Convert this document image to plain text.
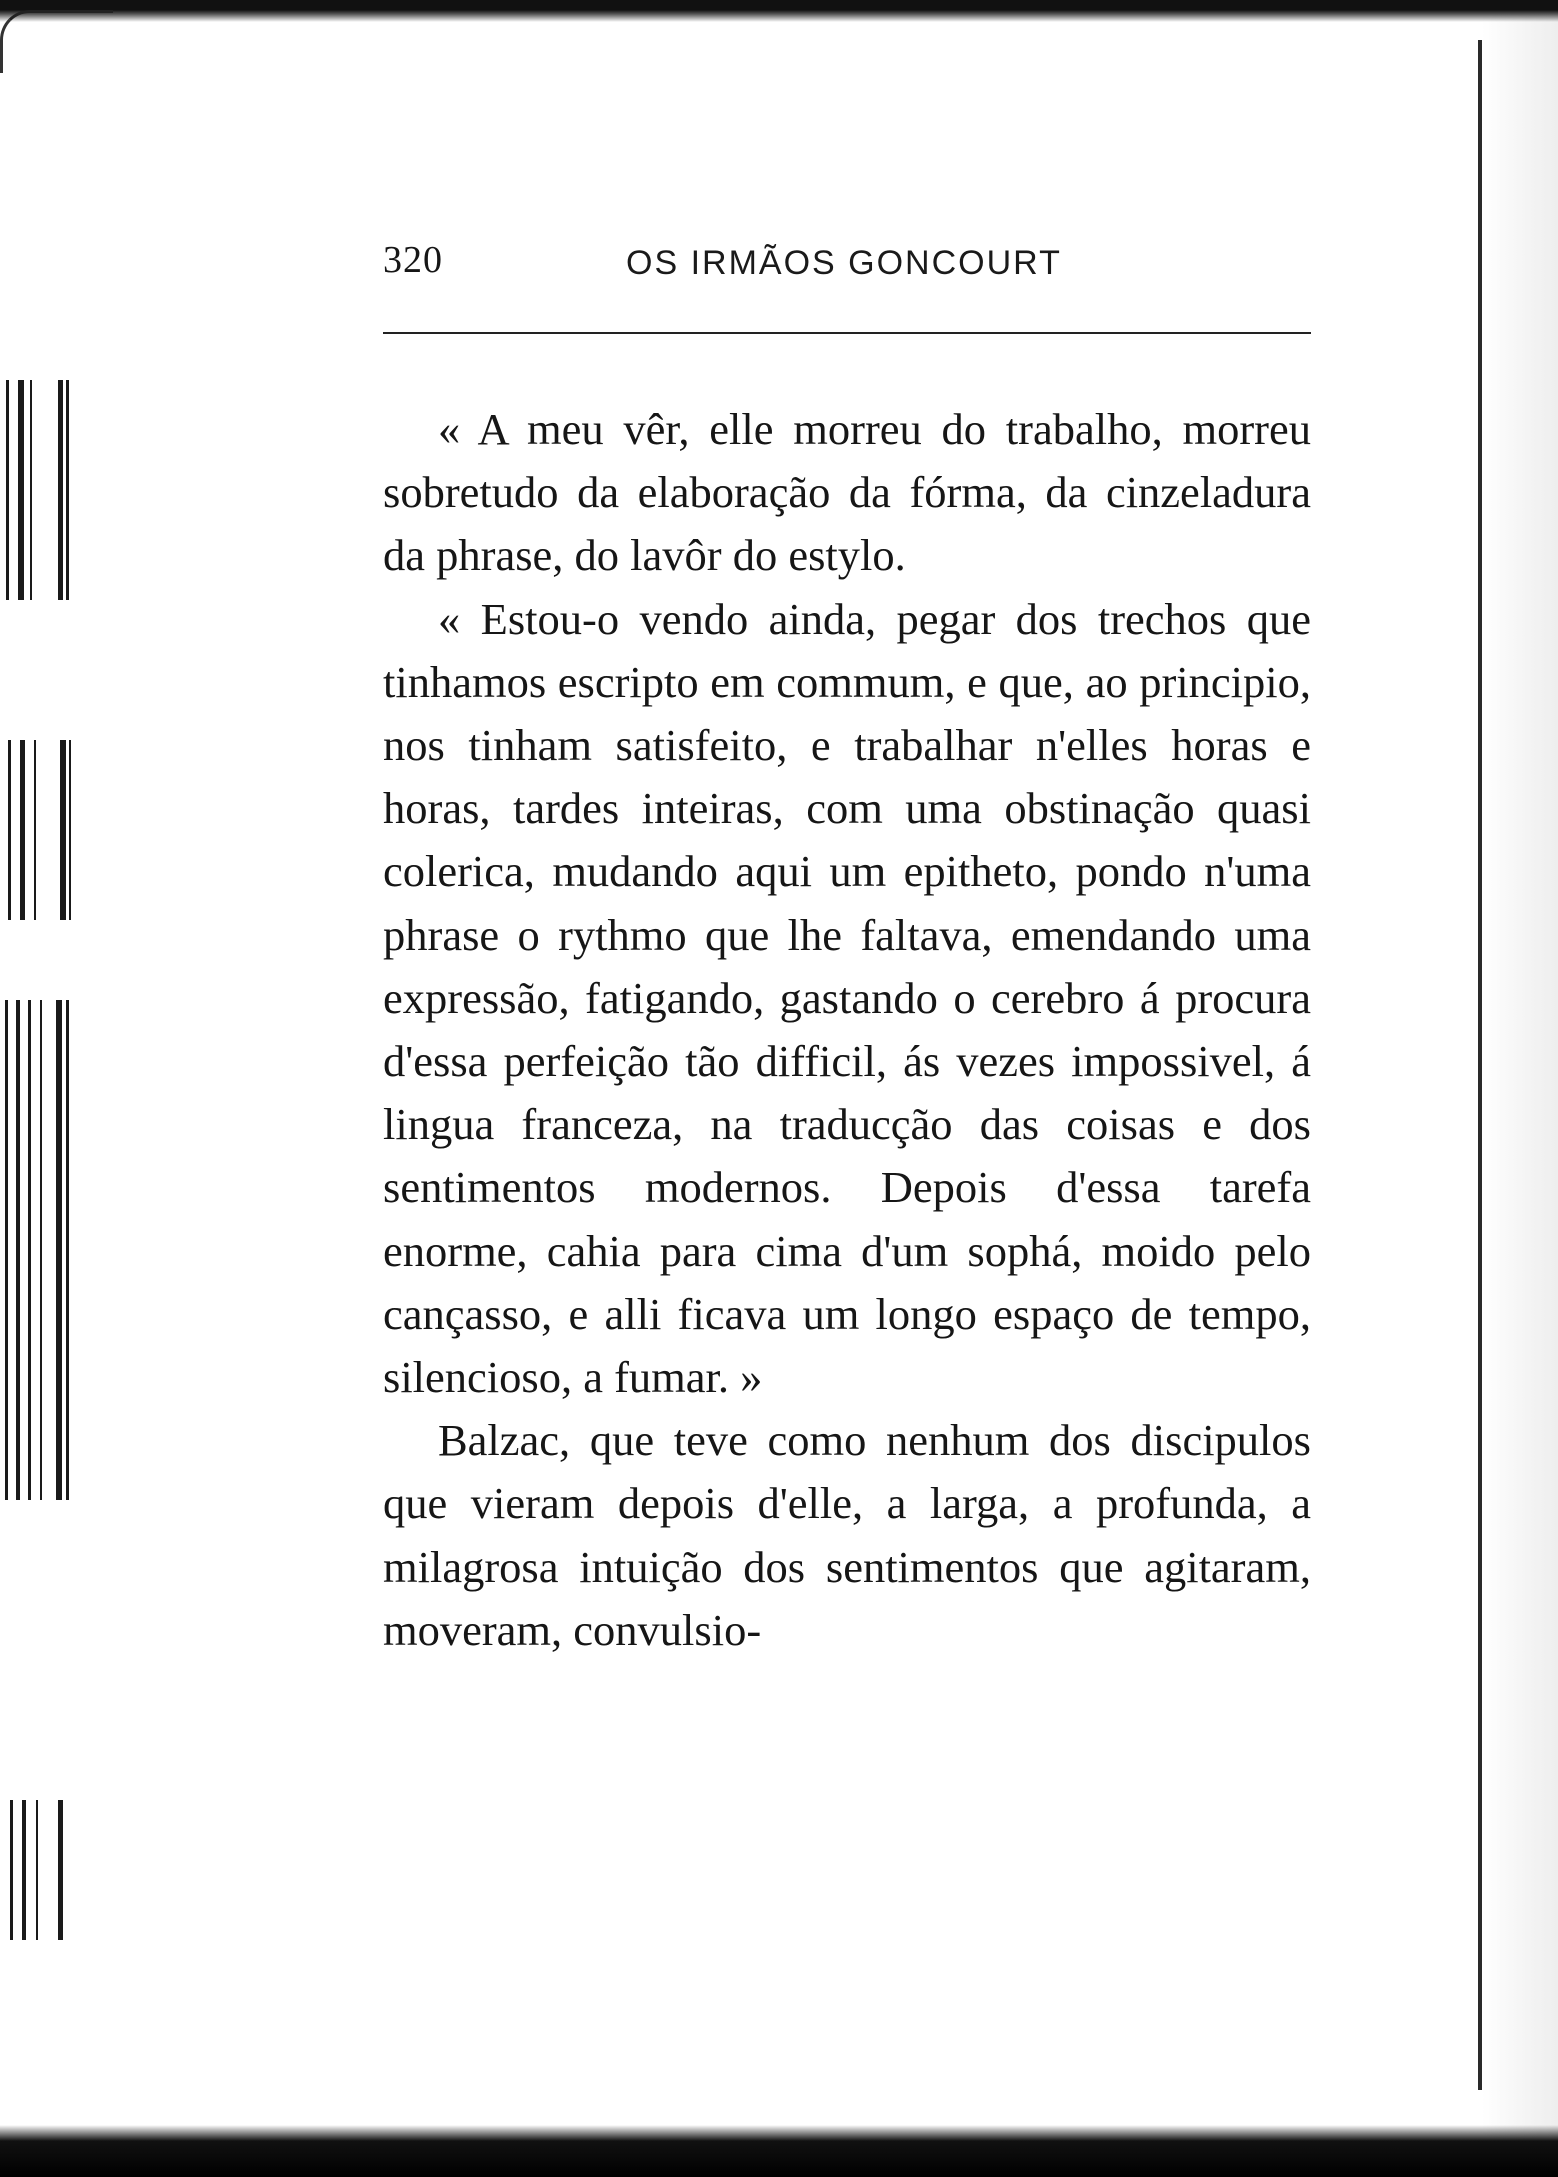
320	OS IRMÃOS GONCOURT

« A meu vêr, elle morreu do trabalho, morreu sobretudo da elaboração da fórma, da cinzeladura da phrase, do lavôr do estylo.

« Estou-o vendo ainda, pegar dos trechos que tinhamos escripto em commum, e que, ao principio, nos tinham satisfeito, e trabalhar n'elles horas e horas, tardes inteiras, com uma obstinação quasi colerica, mudando aqui um epitheto, pondo n'uma phrase o rythmo que lhe faltava, emendando uma expressão, fatigando, gastando o cerebro á procura d'essa perfeição tão difficil, ás vezes impossivel, á lingua franceza, na traducção das coisas e dos sentimentos modernos. Depois d'essa tarefa enorme, cahia para cima d'um sophá, moido pelo cançasso, e alli ficava um longo espaço de tempo, silencioso, a fumar. »

Balzac, que teve como nenhum dos discipulos que vieram depois d'elle, a larga, a profunda, a milagrosa intuição dos sentimentos que agitaram, moveram, convulsio-
